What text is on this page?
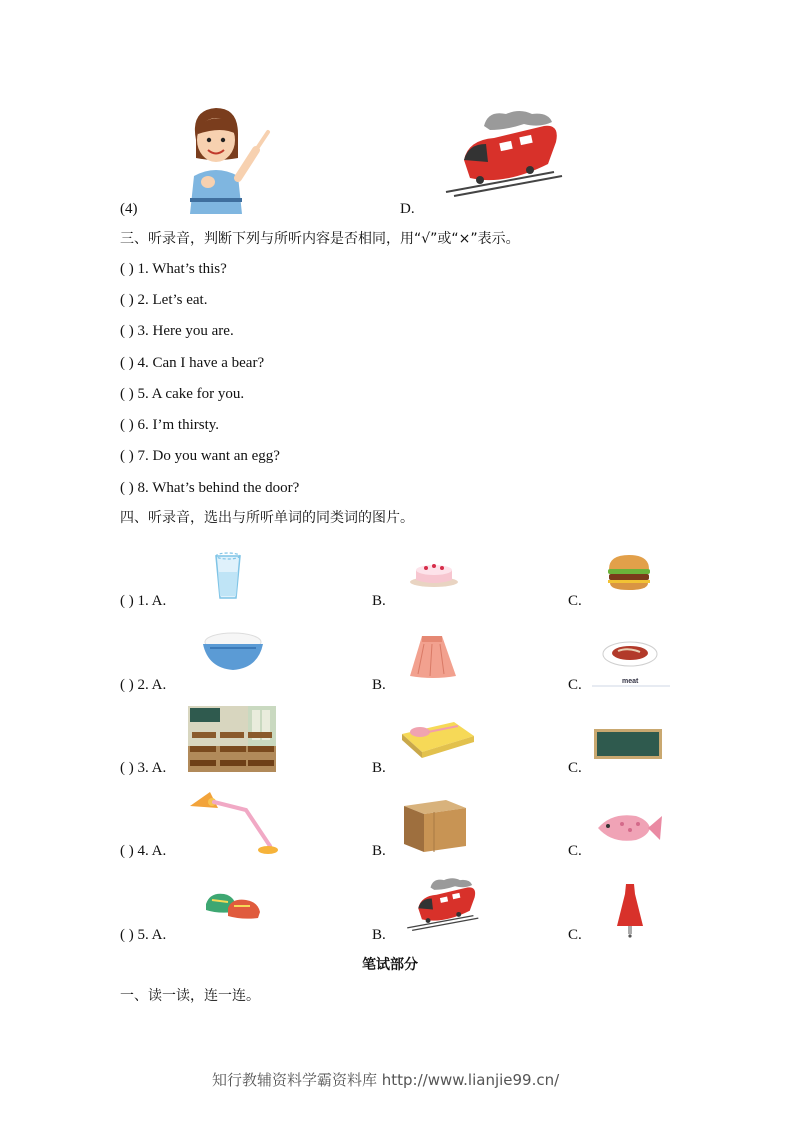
(4)	D.
三、听录音，判断下列与所听内容是否相同，用“√”或“×”表示。
( ) 1. What’s this?
( ) 2. Let’s eat.
( ) 3. Here you are.
( ) 4. Can I have a bear?
( ) 5. A cake for you.
( ) 6. I’m thirsty.
( ) 7. Do you want an egg?
( ) 8. What’s behind the door?
四、听录音，选出与所听单词的同类词的图片。
( ) 1. A.	B.	C.
( ) 2. A.	B.	C.	meat
( ) 3. A.	B.	C.
( ) 4. A.	B.	C.
( ) 5. A.	B.	C.
笔试部分
一、读一读，连一连。
知行教辅资料学霸资料库 http://www.lianjie99.cn/
